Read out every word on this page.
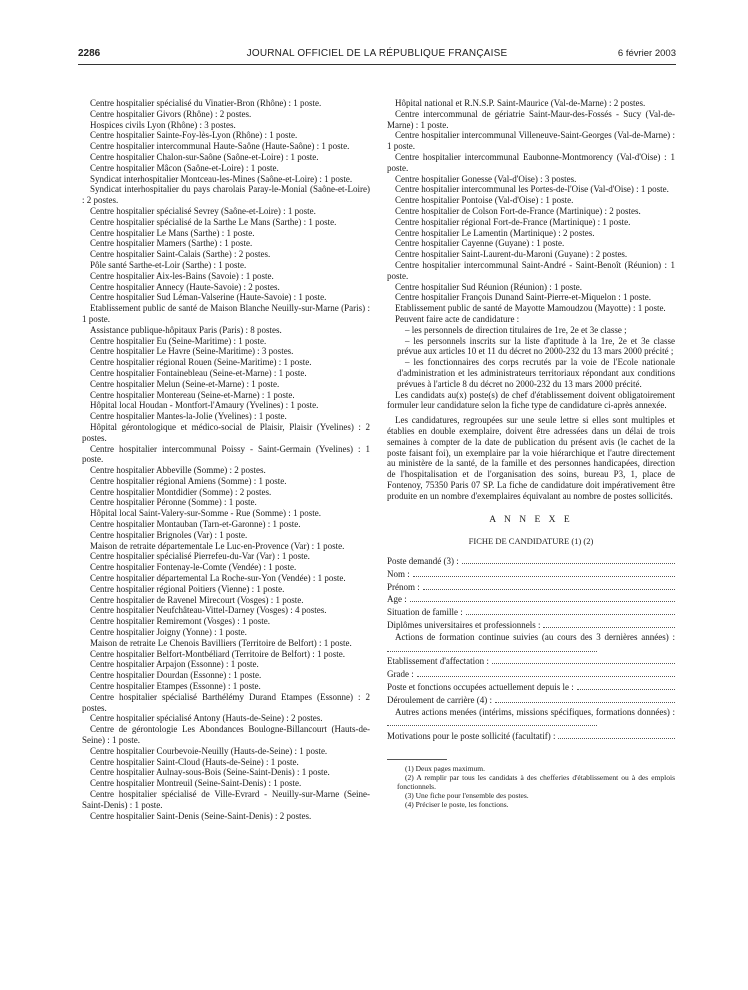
2286	JOURNAL OFFICIEL DE LA RÉPUBLIQUE FRANÇAISE	6 février 2003

Centre hospitalier spécialisé du Vinatier-Bron (Rhône) : 1 poste.

Centre hospitalier Givors (Rhône) : 2 postes.

Hospices civils Lyon (Rhône) : 3 postes.

Centre hospitalier Sainte-Foy-lès-Lyon (Rhône) : 1 poste.

Centre hospitalier intercommunal Haute-Saône (Haute-Saône) : 1 poste.

Centre hospitalier Chalon-sur-Saône (Saône-et-Loire) : 1 poste.

Centre hospitalier Mâcon (Saône-et-Loire) : 1 poste.

Syndicat interhospitalier Montceau-les-Mines (Saône-et-Loire) : 1 poste.

Syndicat interhospitalier du pays charolais Paray-le-Monial (Saône-et-Loire) : 2 postes.

Centre hospitalier spécialisé Sevrey (Saône-et-Loire) : 1 poste.

Centre hospitalier spécialisé de la Sarthe Le Mans (Sarthe) : 1 poste.

Centre hospitalier Le Mans (Sarthe) : 1 poste.

Centre hospitalier Mamers (Sarthe) : 1 poste.

Centre hospitalier Saint-Calais (Sarthe) : 2 postes.

Pôle santé Sarthe-et-Loir (Sarthe) : 1 poste.

Centre hospitalier Aix-les-Bains (Savoie) : 1 poste.

Centre hospitalier Annecy (Haute-Savoie) : 2 postes.

Centre hospitalier Sud Léman-Valserine (Haute-Savoie) : 1 poste.

Etablissement public de santé de Maison Blanche Neuilly-sur-Marne (Paris) : 1 poste.

Assistance publique-hôpitaux Paris (Paris) : 8 postes.

Centre hospitalier Eu (Seine-Maritime) : 1 poste.

Centre hospitalier Le Havre (Seine-Maritime) : 3 postes.

Centre hospitalier régional Rouen (Seine-Maritime) : 1 poste.

Centre hospitalier Fontainebleau (Seine-et-Marne) : 1 poste.

Centre hospitalier Melun (Seine-et-Marne) : 1 poste.

Centre hospitalier Montereau (Seine-et-Marne) : 1 poste.

Hôpital local Houdan - Montfort-l'Amaury (Yvelines) : 1 poste.

Centre hospitalier Mantes-la-Jolie (Yvelines) : 1 poste.

Hôpital gérontologique et médico-social de Plaisir, Plaisir (Yvelines) : 2 postes.

Centre hospitalier intercommunal Poissy - Saint-Germain (Yvelines) : 1 poste.

Centre hospitalier Abbeville (Somme) : 2 postes.

Centre hospitalier régional Amiens (Somme) : 1 poste.

Centre hospitalier Montdidier (Somme) : 2 postes.

Centre hospitalier Péronne (Somme) : 1 poste.

Hôpital local Saint-Valery-sur-Somme - Rue (Somme) : 1 poste.

Centre hospitalier Montauban (Tarn-et-Garonne) : 1 poste.

Centre hospitalier Brignoles (Var) : 1 poste.

Maison de retraite départementale Le Luc-en-Provence (Var) : 1 poste.

Centre hospitalier spécialisé Pierrefeu-du-Var (Var) : 1 poste.

Centre hospitalier Fontenay-le-Comte (Vendée) : 1 poste.

Centre hospitalier départemental La Roche-sur-Yon (Vendée) : 1 poste.

Centre hospitalier régional Poitiers (Vienne) : 1 poste.

Centre hospitalier de Ravenel Mirecourt (Vosges) : 1 poste.

Centre hospitalier Neufchâteau-Vittel-Darney (Vosges) : 4 postes.

Centre hospitalier Remiremont (Vosges) : 1 poste.

Centre hospitalier Joigny (Yonne) : 1 poste.

Maison de retraite Le Chenois Bavilliers (Territoire de Belfort) : 1 poste.

Centre hospitalier Belfort-Montbéliard (Territoire de Belfort) : 1 poste.

Centre hospitalier Arpajon (Essonne) : 1 poste.

Centre hospitalier Dourdan (Essonne) : 1 poste.

Centre hospitalier Etampes (Essonne) : 1 poste.

Centre hospitalier spécialisé Barthélémy Durand Etampes (Essonne) : 2 postes.

Centre hospitalier spécialisé Antony (Hauts-de-Seine) : 2 postes.

Centre de gérontologie Les Abondances Boulogne-Billancourt (Hauts-de-Seine) : 1 poste.

Centre hospitalier Courbevoie-Neuilly (Hauts-de-Seine) : 1 poste.

Centre hospitalier Saint-Cloud (Hauts-de-Seine) : 1 poste.

Centre hospitalier Aulnay-sous-Bois (Seine-Saint-Denis) : 1 poste.

Centre hospitalier Montreuil (Seine-Saint-Denis) : 1 poste.

Centre hospitalier spécialisé de Ville-Evrard - Neuilly-sur-Marne (Seine-Saint-Denis) : 1 poste.

Centre hospitalier Saint-Denis (Seine-Saint-Denis) : 2 postes.

Hôpital national et R.N.S.P. Saint-Maurice (Val-de-Marne) : 2 postes.

Centre intercommunal de gériatrie Saint-Maur-des-Fossés - Sucy (Val-de-Marne) : 1 poste.

Centre hospitalier intercommunal Villeneuve-Saint-Georges (Val-de-Marne) : 1 poste.

Centre hospitalier intercommunal Eaubonne-Montmorency (Val-d'Oise) : 1 poste.

Centre hospitalier Gonesse (Val-d'Oise) : 3 postes.

Centre hospitalier intercommunal les Portes-de-l'Oise (Val-d'Oise) : 1 poste.

Centre hospitalier Pontoise (Val-d'Oise) : 1 poste.

Centre hospitalier de Colson Fort-de-France (Martinique) : 2 postes.

Centre hospitalier régional Fort-de-France (Martinique) : 1 poste.

Centre hospitalier Le Lamentin (Martinique) : 2 postes.

Centre hospitalier Cayenne (Guyane) : 1 poste.

Centre hospitalier Saint-Laurent-du-Maroni (Guyane) : 2 postes.

Centre hospitalier intercommunal Saint-André - Saint-Benoît (Réunion) : 1 poste.

Centre hospitalier Sud Réunion (Réunion) : 1 poste.

Centre hospitalier François Dunand Saint-Pierre-et-Miquelon : 1 poste.

Etablissement public de santé de Mayotte Mamoudzou (Mayotte) : 1 poste.

Peuvent faire acte de candidature :

– les personnels de direction titulaires de 1re, 2e et 3e classe ;

– les personnels inscrits sur la liste d'aptitude à la 1re, 2e et 3e classe prévue aux articles 10 et 11 du décret no 2000-232 du 13 mars 2000 précité ;

– les fonctionnaires des corps recrutés par la voie de l'Ecole nationale d'administration et les administrateurs territoriaux répondant aux conditions prévues à l'article 8 du décret no 2000-232 du 13 mars 2000 précité.

Les candidats au(x) poste(s) de chef d'établissement doivent obligatoirement formuler leur candidature selon la fiche type de candidature ci-après annexée.

Les candidatures, regroupées sur une seule lettre si elles sont multiples et établies en double exemplaire, doivent être adressées dans un délai de trois semaines à compter de la date de publication du présent avis (le cachet de la poste faisant foi), un exemplaire par la voie hiérarchique et l'autre directement au ministère de la santé, de la famille et des personnes handicapées, direction de l'hospitalisation et de l'organisation des soins, bureau P3, 1, place de Fontenoy, 75350 Paris 07 SP. La fiche de candidature doit impérativement être produite en un nombre d'exemplaires équivalant au nombre de postes sollicités.

A N N E X E
FICHE DE CANDIDATURE (1) (2)
Poste demandé (3) :
Nom :
Prénom :
Age :
Situation de famille :
Diplômes universitaires et professionnels :
Actions de formation continue suivies (au cours des 3 dernières années) :
Etablissement d'affectation :
Grade :
Poste et fonctions occupées actuellement depuis le :
Déroulement de carrière (4) :
Autres actions menées (intérims, missions spécifiques, formations données) :
Motivations pour le poste sollicité (facultatif) :

(1) Deux pages maximum.

(2) A remplir par tous les candidats à des chefferies d'établissement ou à des emplois fonctionnels.

(3) Une fiche pour l'ensemble des postes.

(4) Préciser le poste, les fonctions.
